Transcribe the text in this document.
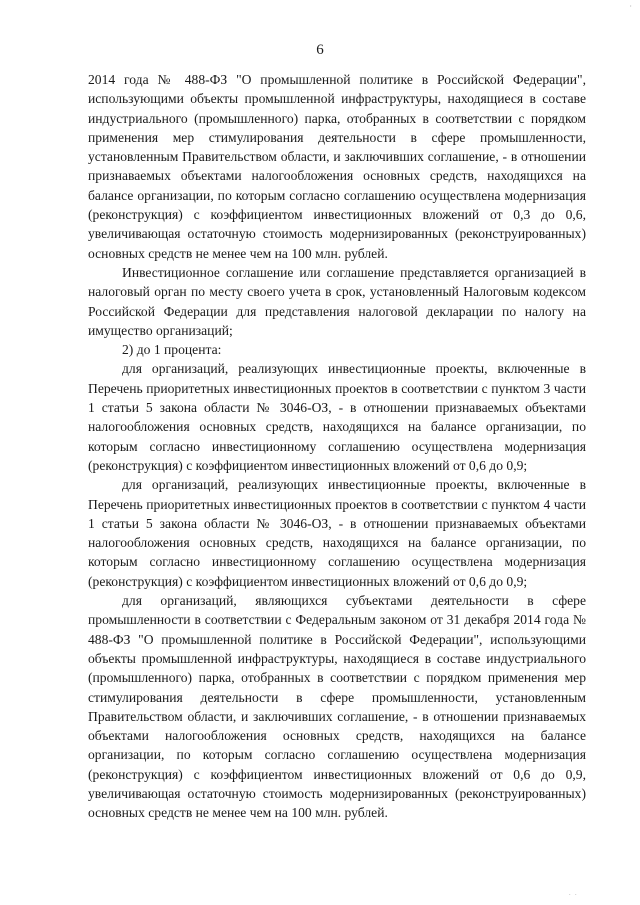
·
6

2014 года № 488-ФЗ "О промышленной политике в Российской Федерации", использующими объекты промышленной инфраструктуры, находящиеся в составе индустриального (промышленного) парка, отобранных в соответствии с порядком применения мер стимулирования деятельности в сфере промышленности, установленным Правительством области, и заключивших соглашение, - в отношении признаваемых объектами налогообложения основных средств, находящихся на балансе организации, по которым согласно соглашению осуществлена модернизация (реконструкция) с коэффициентом инвестиционных вложений от 0,3 до 0,6, увеличивающая остаточную стоимость модернизированных (реконструированных) основных средств не менее чем на 100 млн. рублей.

Инвестиционное соглашение или соглашение представляется организацией в налоговый орган по месту своего учета в срок, установленный Налоговым кодексом Российской Федерации для представления налоговой декларации по налогу на имущество организаций;

2) до 1 процента:

для организаций, реализующих инвестиционные проекты, включенные в Перечень приоритетных инвестиционных проектов в соответствии с пунктом 3 части 1 статьи 5 закона области № 3046-ОЗ, - в отношении признаваемых объектами налогообложения основных средств, находящихся на балансе организации, по которым согласно инвестиционному соглашению осуществлена модернизация (реконструкция) с коэффициентом инвестиционных вложений от 0,6 до 0,9;

для организаций, реализующих инвестиционные проекты, включенные в Перечень приоритетных инвестиционных проектов в соответствии с пунктом 4 части 1 статьи 5 закона области № 3046-ОЗ, - в отношении признаваемых объектами налогообложения основных средств, находящихся на балансе организации, по которым согласно инвестиционному соглашению осуществлена модернизация (реконструкция) с коэффициентом инвестиционных вложений от 0,6 до 0,9;

для организаций, являющихся субъектами деятельности в сфере промышленности в соответствии с Федеральным законом от 31 декабря 2014 года № 488-ФЗ "О промышленной политике в Российской Федерации", использующими объекты промышленной инфраструктуры, находящиеся в составе индустриального (промышленного) парка, отобранных в соответствии с порядком применения мер стимулирования деятельности в сфере промышленности, установленным Правительством области, и заключивших соглашение, - в отношении признаваемых объектами налогообложения основных средств, находящихся на балансе организации, по которым согласно соглашению осуществлена модернизация (реконструкция) с коэффициентом инвестиционных вложений от 0,6 до 0,9, увеличивающая остаточную стоимость модернизированных (реконструированных) основных средств не менее чем на 100 млн. рублей.

· ·
